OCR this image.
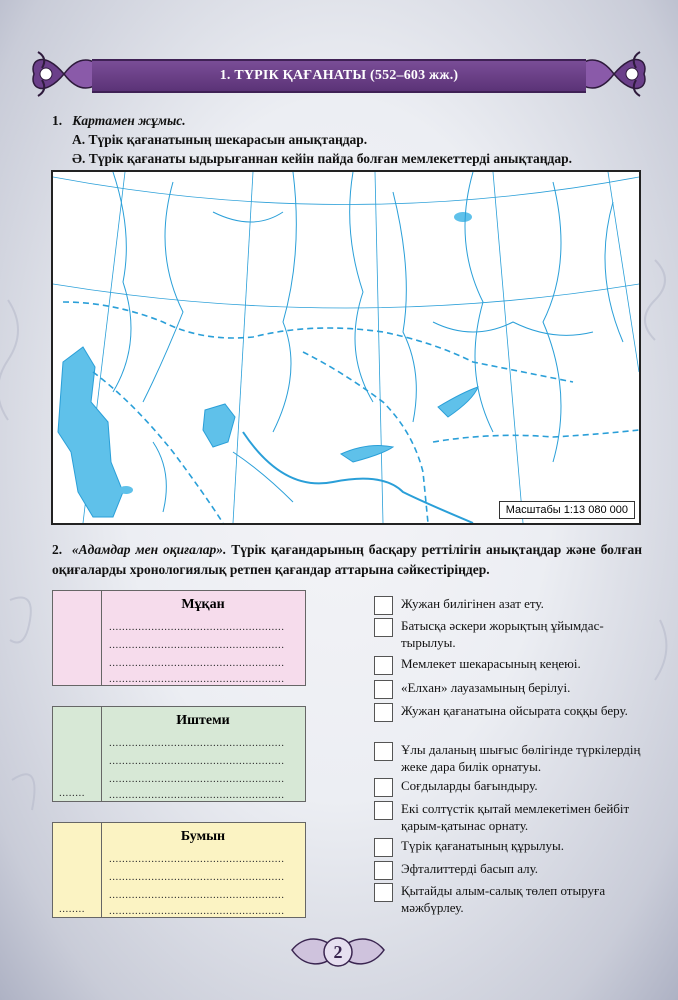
1. ТҮРІК ҚАҒАНАТЫ (552–603 жж.)
1. Картамен жұмыс.
А. Түрік қағанатының шекарасын анықтаңдар.
Ә. Түрік қағанаты ыдырығаннан кейін пайда болған мемлекеттерді анықтаңдар.
Масштабы 1:13 080 000
2. «Адамдар мен оқиғалар». Түрік қағандарының басқару реттілігін анықтаңдар және болған оқиғаларды хронологиялық ретпен қағандар аттарына сәйкестіріңдер.
Мұқан
......................................................
......................................................
......................................................
......................................................
Иштеми
......................................................
......................................................
......................................................
......................................................
........
Бумын
......................................................
......................................................
......................................................
......................................................
........
Жужан билігінен азат ету.
Батысқа әскери жорықтың ұйымдас-тырылуы.
Мемлекет шекарасының кеңеюі.
«Елхан» лауазамының берілуі.
Жужан қағанатына ойсырата соққы беру.
Ұлы даланың шығыс бөлігінде түркілердің жеке дара билік орнатуы.
Соғдыларды бағындыру.
Екі солтүстік қытай мемлекетімен бейбіт қарым-қатынас орнату.
Түрік қағанатының құрылуы.
Эфталиттерді басып алу.
Қытайды алым-салық төлеп отыруға мәжбүрлеу.
2
